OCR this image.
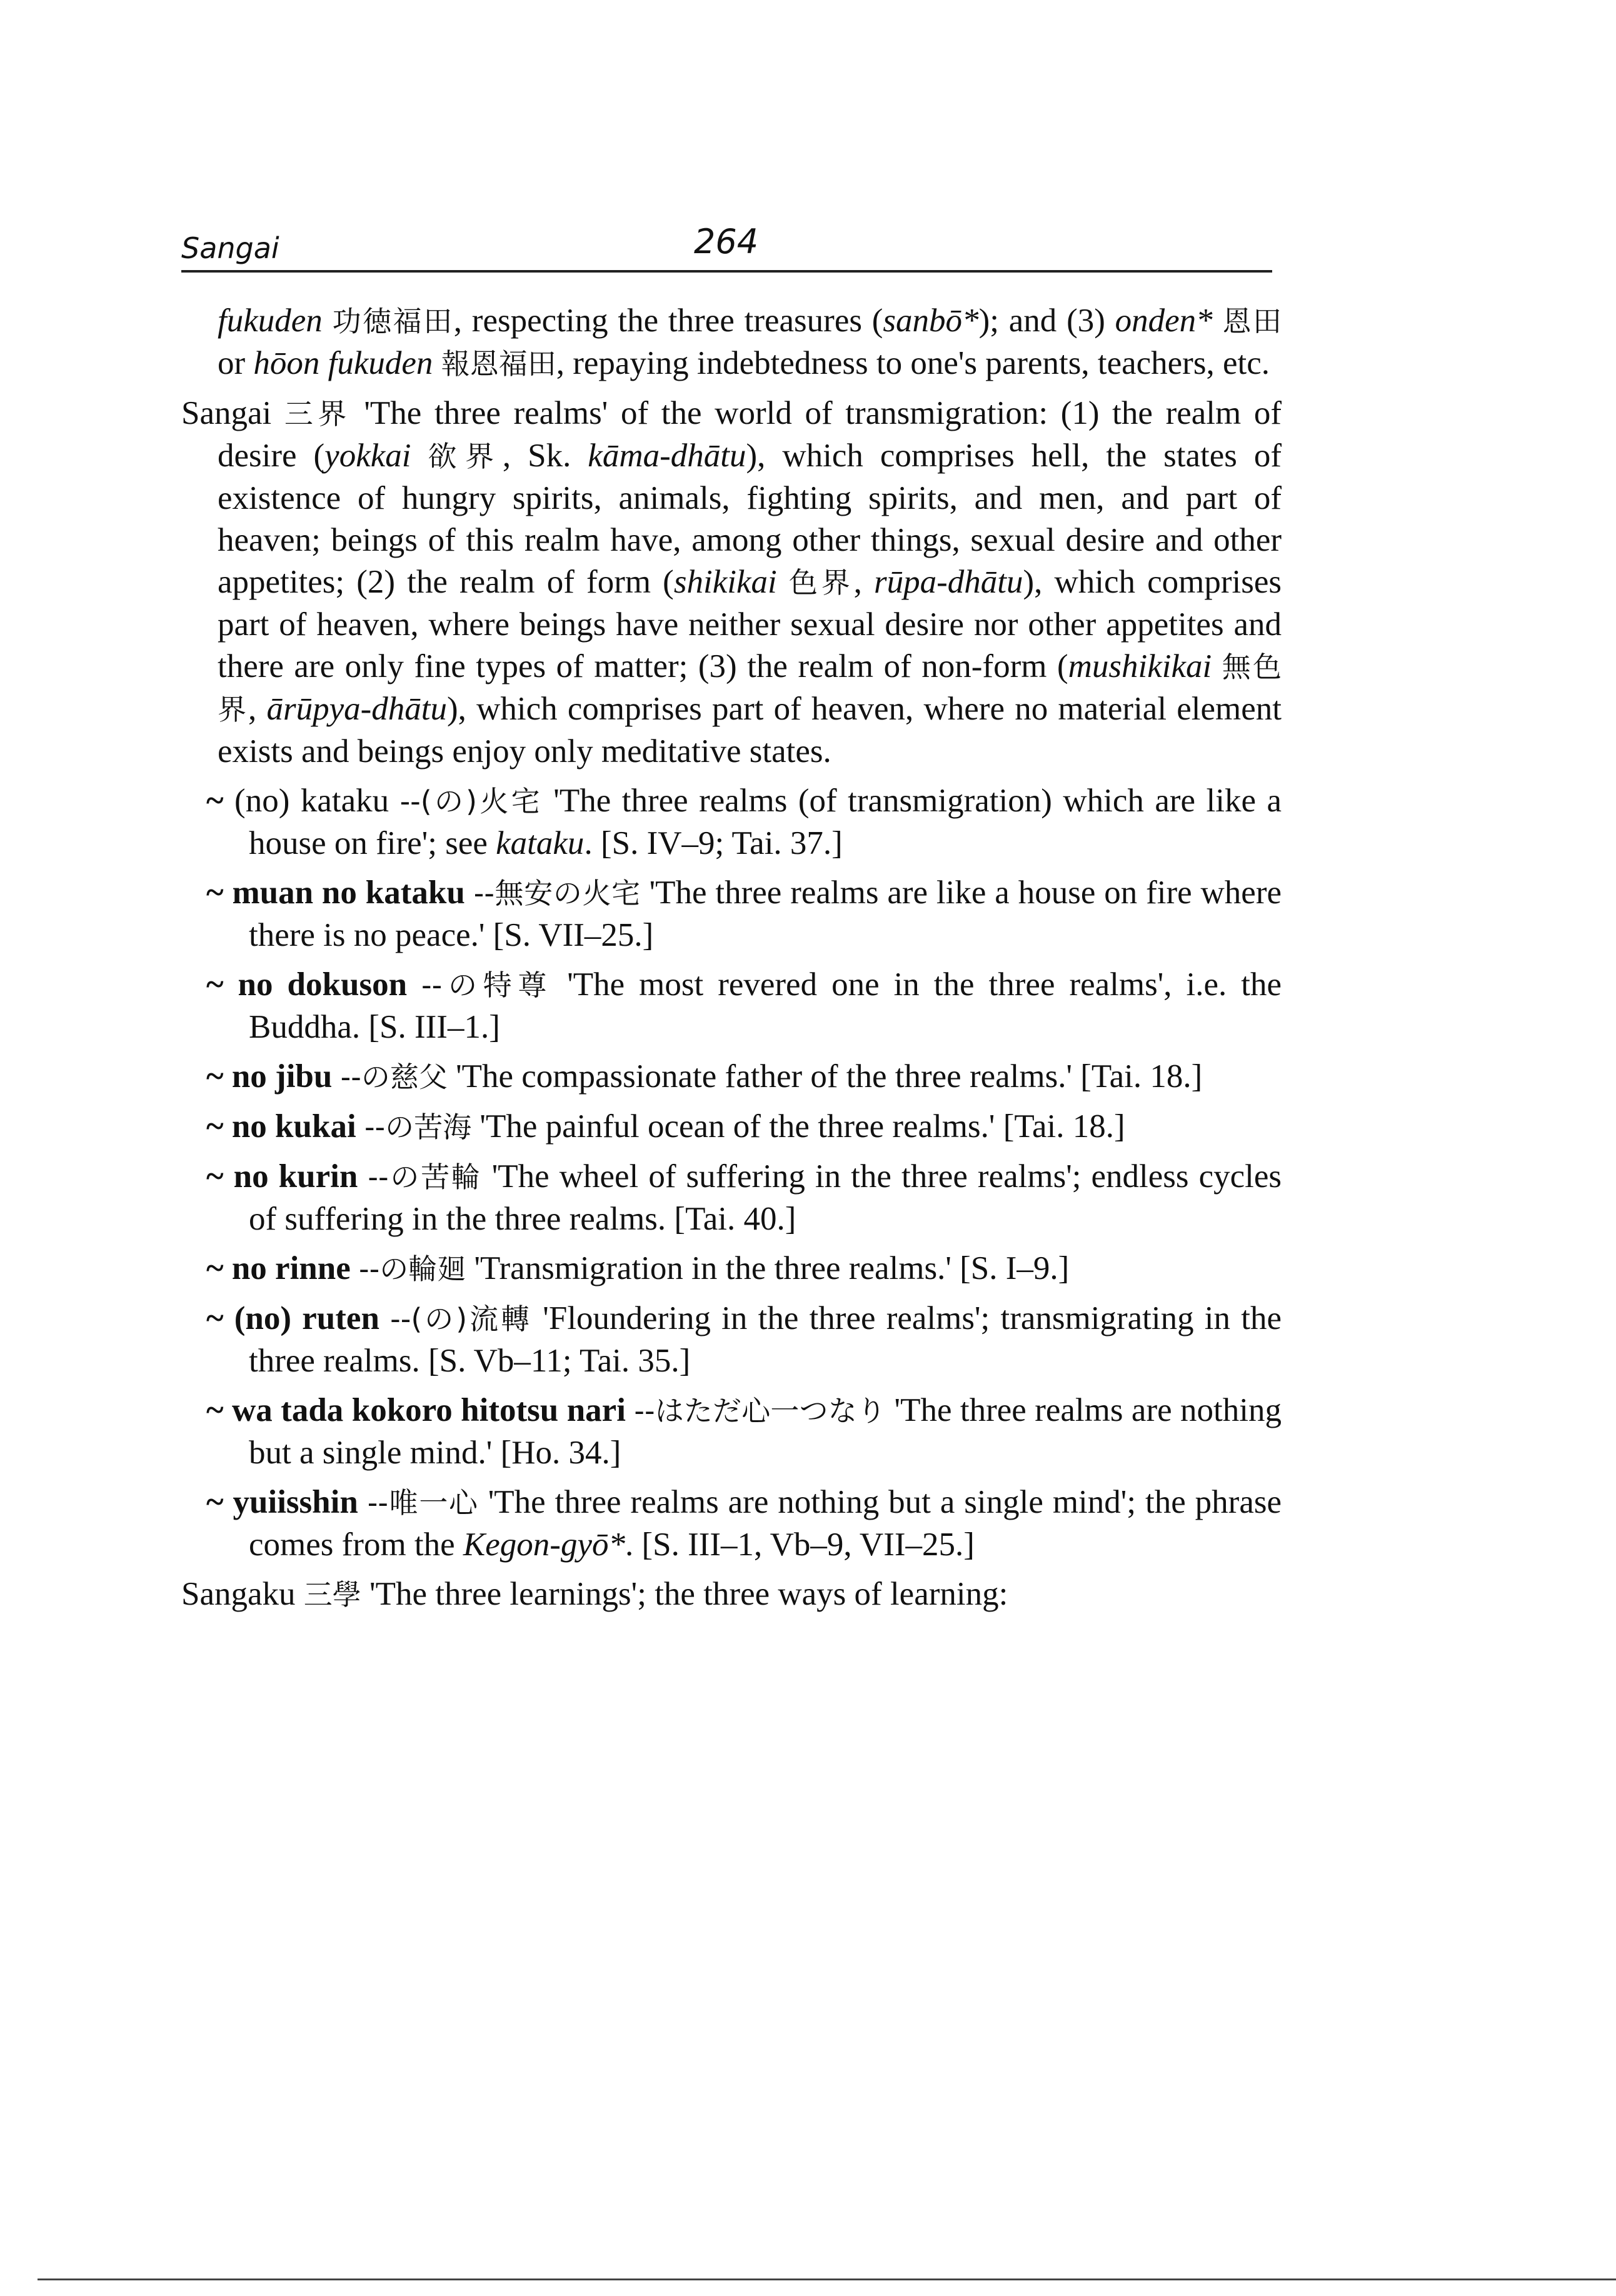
Sangai	264

fukuden 功徳福田, respecting the three treasures (sanbō*); and (3) onden* 恩田 or hōon fukuden 報恩福田, repaying indebtedness to one's parents, teachers, etc.

Sangai 三界 'The three realms' of the world of transmigration: (1) the realm of desire (yokkai 欲界, Sk. kāma-dhātu), which comprises hell, the states of existence of hungry spirits, animals, fighting spirits, and men, and part of heaven; beings of this realm have, among other things, sexual desire and other appetites; (2) the realm of form (shikikai 色界, rūpa-dhātu), which comprises part of heaven, where beings have neither sexual desire nor other appetites and there are only fine types of matter; (3) the realm of non-form (mushikikai 無色界, ārūpya-dhātu), which comprises part of heaven, where no material element exists and beings enjoy only meditative states.

~ (no) kataku --(の)火宅 'The three realms (of transmigration) which are like a house on fire'; see kataku. [S. IV–9; Tai. 37.]

~ muan no kataku --無安の火宅 'The three realms are like a house on fire where there is no peace.' [S. VII–25.]

~ no dokuson --の特尊 'The most revered one in the three realms', i.e. the Buddha. [S. III–1.]

~ no jibu --の慈父 'The compassionate father of the three realms.' [Tai. 18.]

~ no kukai --の苦海 'The painful ocean of the three realms.' [Tai. 18.]

~ no kurin --の苦輪 'The wheel of suffering in the three realms'; endless cycles of suffering in the three realms. [Tai. 40.]

~ no rinne --の輪廻 'Transmigration in the three realms.' [S. I–9.]

~ (no) ruten --(の)流轉 'Floundering in the three realms'; transmigrating in the three realms. [S. Vb–11; Tai. 35.]

~ wa tada kokoro hitotsu nari --はただ心一つなり 'The three realms are nothing but a single mind.' [Ho. 34.]

~ yuiisshin --唯一心 'The three realms are nothing but a single mind'; the phrase comes from the Kegon-gyō*. [S. III–1, Vb–9, VII–25.]

Sangaku 三學 'The three learnings'; the three ways of learning:
